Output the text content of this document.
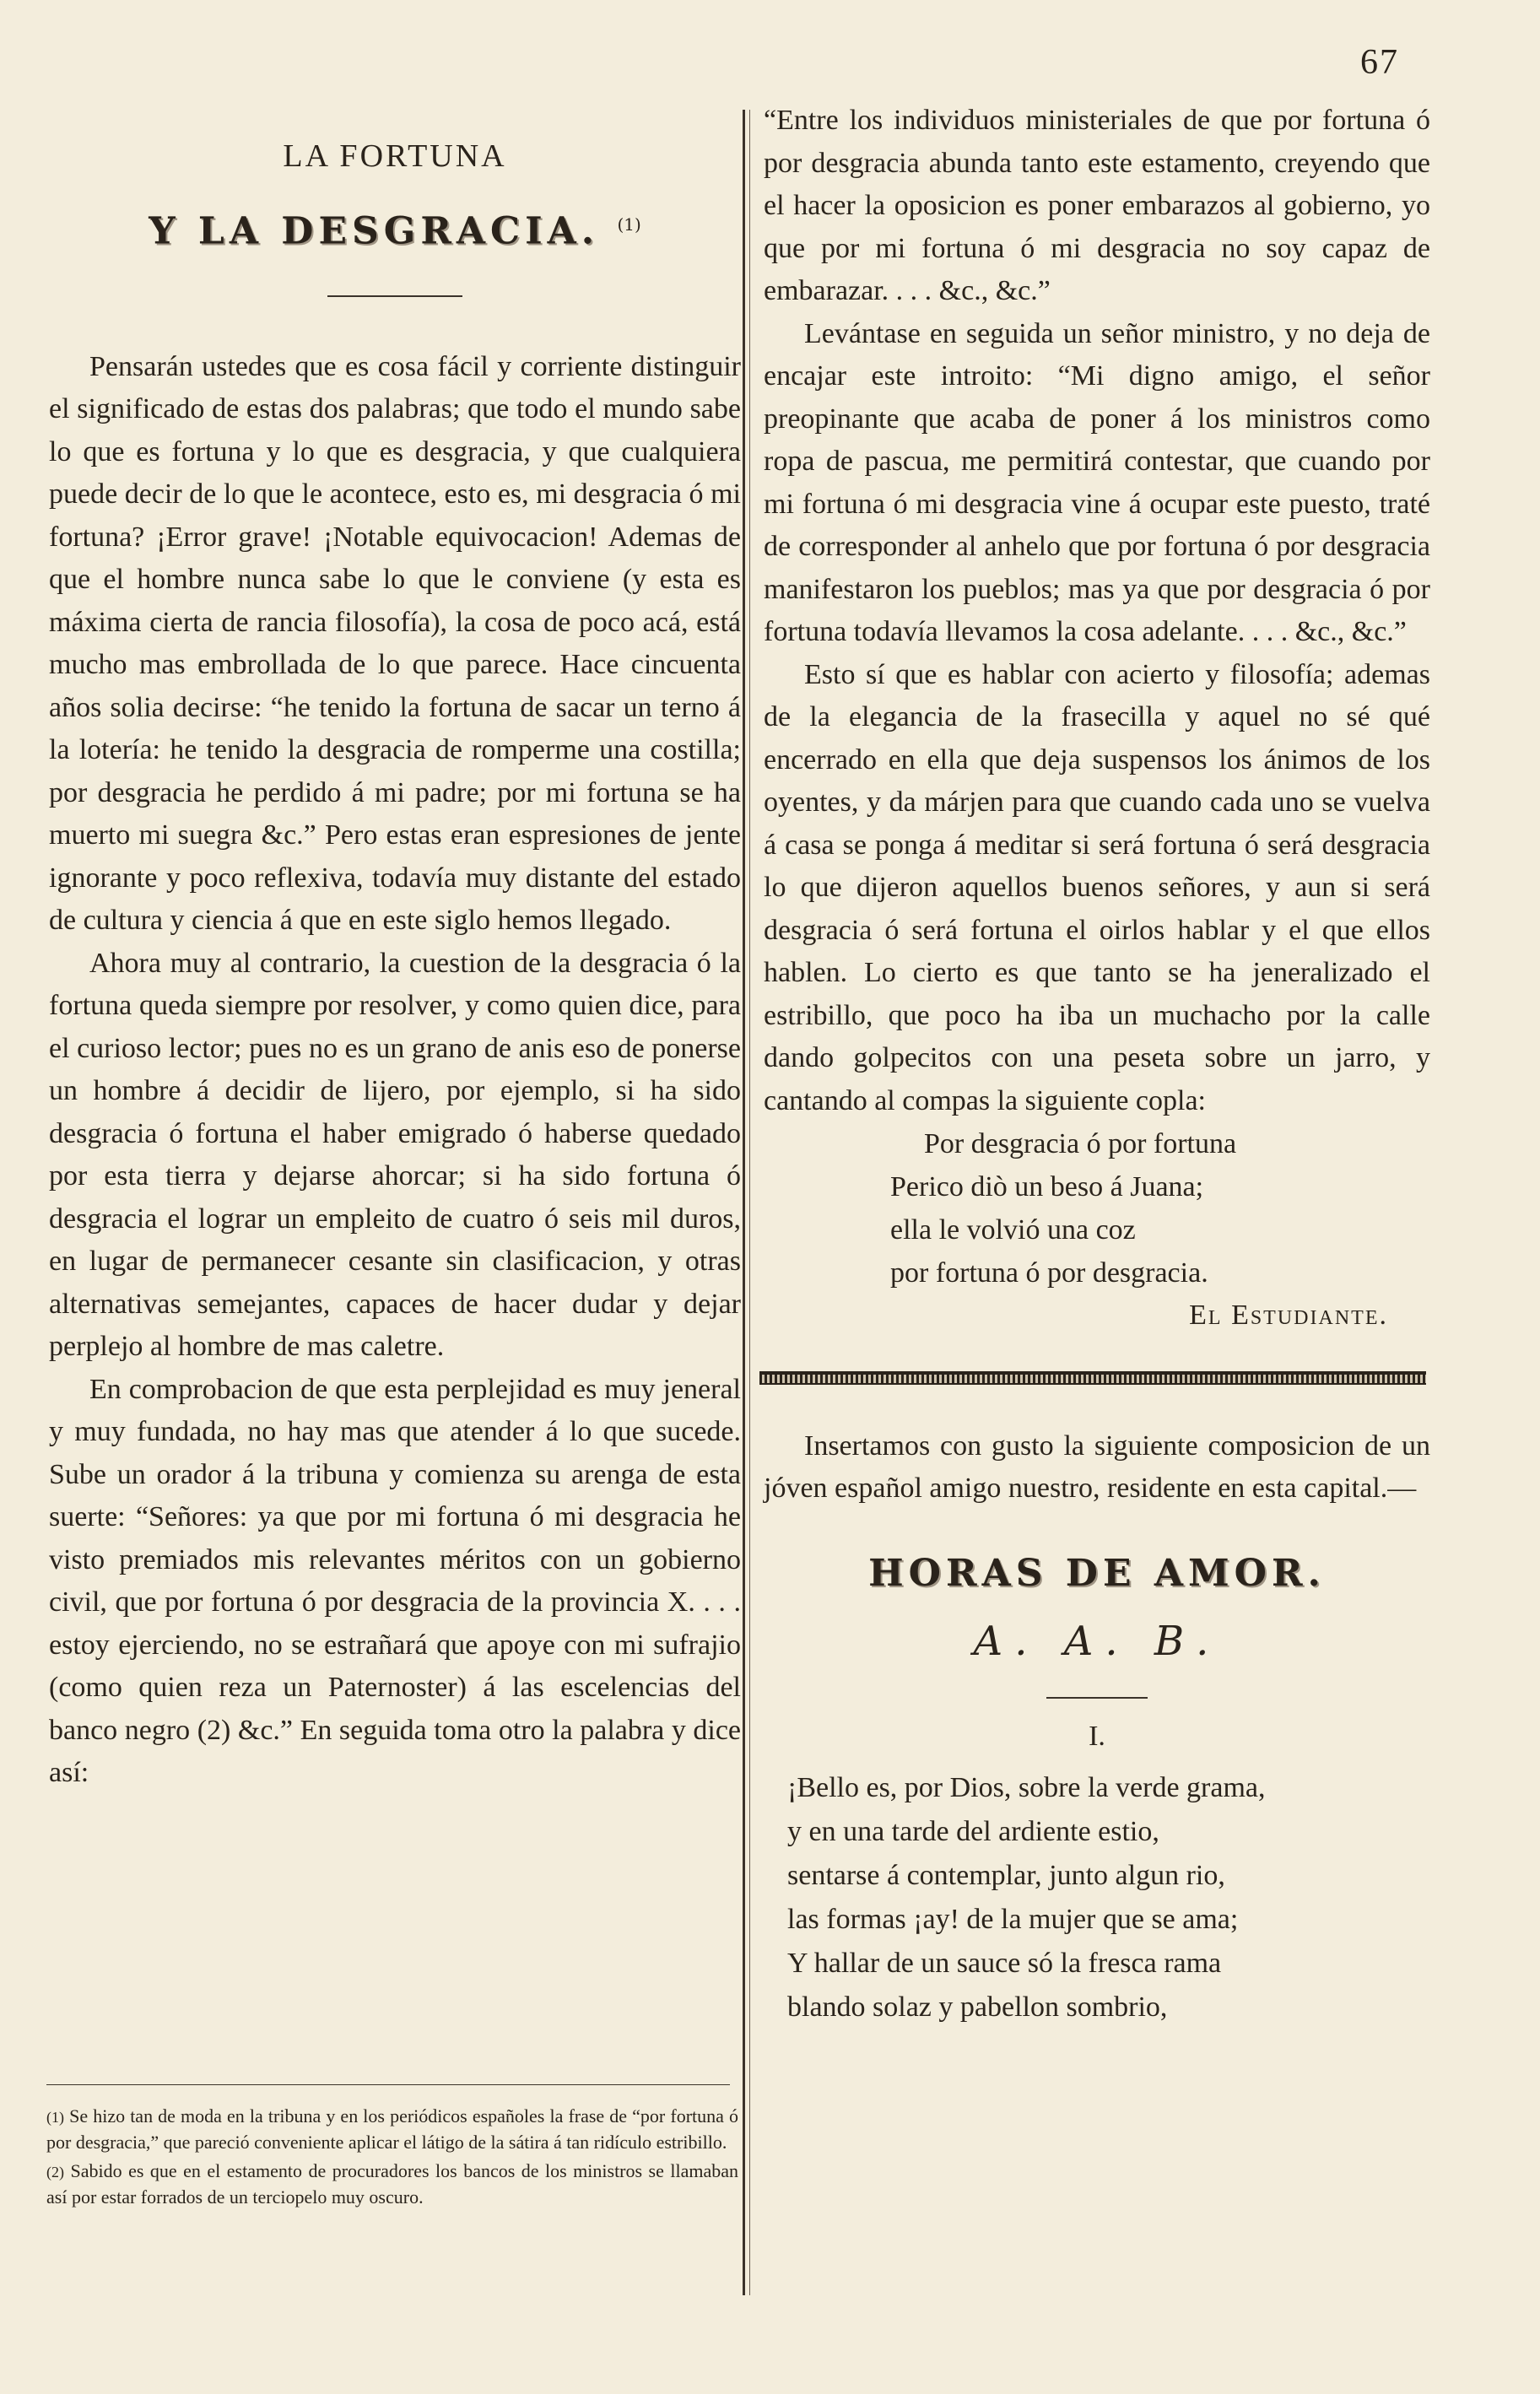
67
LA FORTUNA
Y LA DESGRACIA. $^{(1)}$

Pensarán ustedes que es cosa fácil y corriente distinguir el significado de estas dos palabras; que todo el mundo sabe lo que es fortuna y lo que es desgracia, y que cualquiera puede decir de lo que le acontece, esto es, mi desgracia ó mi fortuna? ¡Error grave! ¡Notable equivocacion! Ademas de que el hombre nunca sabe lo que le conviene (y esta es máxima cierta de rancia filosofía), la cosa de poco acá, está mucho mas embrollada de lo que parece. Hace cincuenta años solia decirse: “he tenido la fortuna de sacar un terno á la lotería: he tenido la desgracia de romperme una costilla; por desgracia he perdido á mi padre; por mi fortuna se ha muerto mi suegra &c.” Pero estas eran espresiones de jente ignorante y poco reflexiva, todavía muy distante del estado de cultura y ciencia á que en este siglo hemos llegado.

Ahora muy al contrario, la cuestion de la desgracia ó la fortuna queda siempre por resolver, y como quien dice, para el curioso lector; pues no es un grano de anis eso de ponerse un hombre á decidir de lijero, por ejemplo, si ha sido desgracia ó fortuna el haber emigrado ó haberse quedado por esta tierra y dejarse ahorcar; si ha sido fortuna ó desgracia el lograr un empleito de cuatro ó seis mil duros, en lugar de permanecer cesante sin clasificacion, y otras alternativas semejantes, capaces de hacer dudar y dejar perplejo al hombre de mas caletre.

En comprobacion de que esta perplejidad es muy jeneral y muy fundada, no hay mas que atender á lo que sucede. Sube un orador á la tribuna y comienza su arenga de esta suerte: “Señores: ya que por mi fortuna ó mi desgracia he visto premiados mis relevantes méritos con un gobierno civil, que por fortuna ó por desgracia de la provincia X. . . . estoy ejerciendo, no se estrañará que apoye con mi sufrajio (como quien reza un Paternoster) á las escelencias del banco negro (2) &c.” En seguida toma otro la palabra y dice así:

(1) Se hizo tan de moda en la tribuna y en los periódicos españoles la frase de “por fortuna ó por desgracia,” que pareció conveniente aplicar el látigo de la sátira á tan ridículo estribillo.
(2) Sabido es que en el estamento de procuradores los bancos de los ministros se llamaban así por estar forrados de un terciopelo muy oscuro.

“Entre los individuos ministeriales de que por fortuna ó por desgracia abunda tanto este estamento, creyendo que el hacer la oposicion es poner embarazos al gobierno, yo que por mi fortuna ó mi desgracia no soy capaz de embarazar. . . . &c., &c.”

Levántase en seguida un señor ministro, y no deja de encajar este introito: “Mi digno amigo, el señor preopinante que acaba de poner á los ministros como ropa de pascua, me permitirá contestar, que cuando por mi fortuna ó mi desgracia vine á ocupar este puesto, traté de corresponder al anhelo que por fortuna ó por desgracia manifestaron los pueblos; mas ya que por desgracia ó por fortuna todavía llevamos la cosa adelante. . . . &c., &c.”

Esto sí que es hablar con acierto y filosofía; ademas de la elegancia de la frasecilla y aquel no sé qué encerrado en ella que deja suspensos los ánimos de los oyentes, y da márjen para que cuando cada uno se vuelva á casa se ponga á meditar si será fortuna ó será desgracia lo que dijeron aquellos buenos señores, y aun si será desgracia ó será fortuna el oirlos hablar y el que ellos hablen. Lo cierto es que tanto se ha jeneralizado el estribillo, que poco ha iba un muchacho por la calle dando golpecitos con una peseta sobre un jarro, y cantando al compas la siguiente copla:

Por desgracia ó por fortuna
Perico diò un beso á Juana;
ella le volvió una coz
por fortuna ó por desgracia.
El Estudiante.

Insertamos con gusto la siguiente composicion de un jóven español amigo nuestro, residente en esta capital.—

HORAS DE AMOR.
A. A. B.
I.
¡Bello es, por Dios, sobre la verde grama,
y en una tarde del ardiente estio,
sentarse á contemplar, junto algun rio,
las formas ¡ay! de la mujer que se ama;
Y hallar de un sauce só la fresca rama
blando solaz y pabellon sombrio,
